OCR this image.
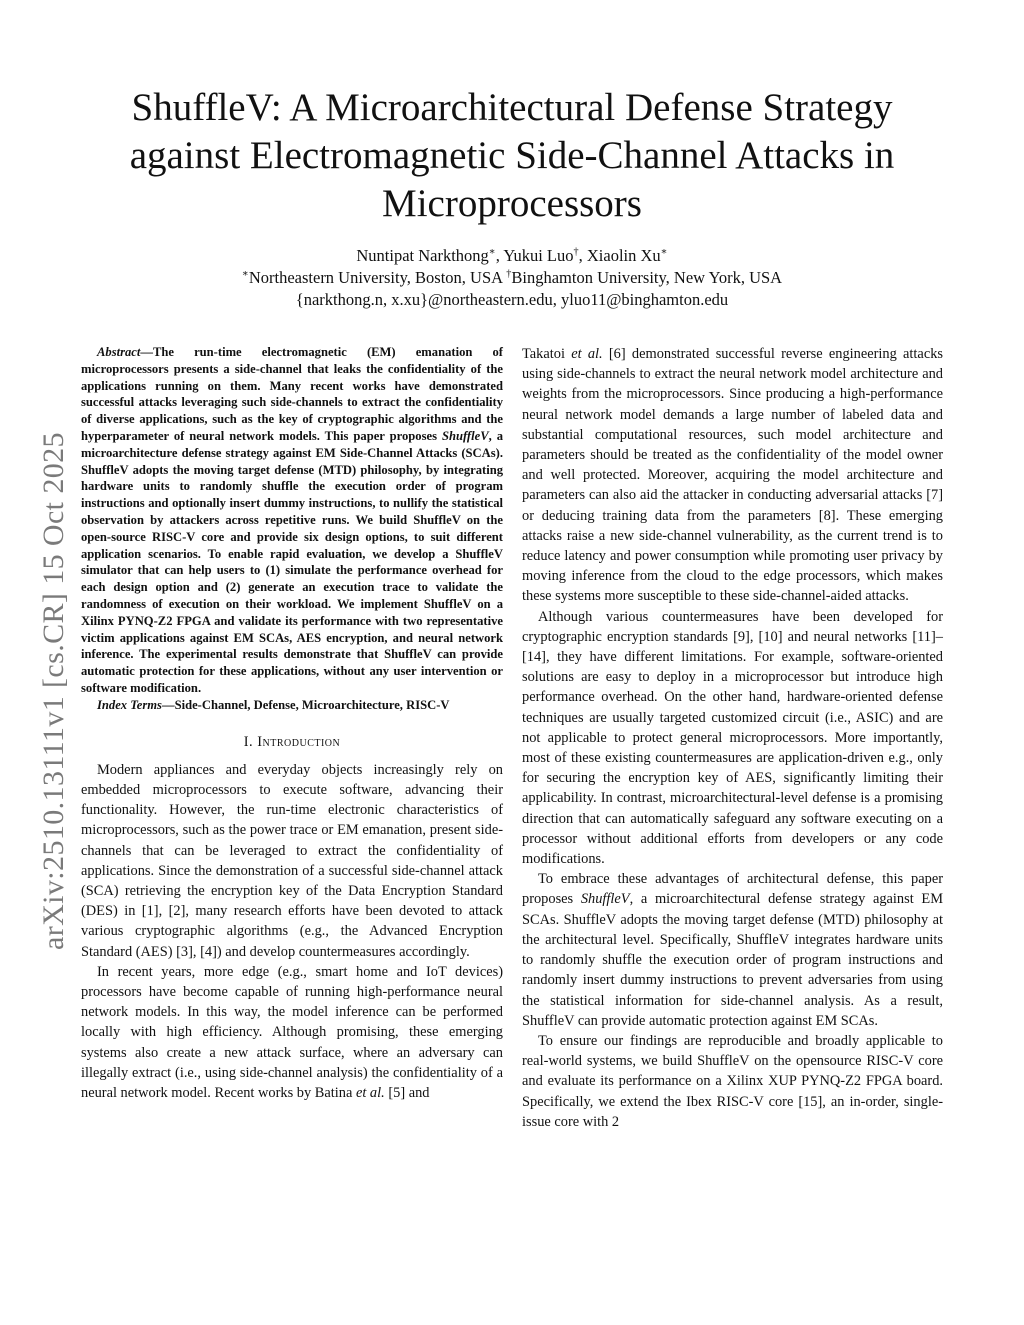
arXiv:2510.13111v1 [cs.CR] 15 Oct 2025
ShuffleV: A Microarchitectural Defense Strategy against Electromagnetic Side-Channel Attacks in Microprocessors
Nuntipat Narkthong∗, Yukui Luo†, Xiaolin Xu∗
∗Northeastern University, Boston, USA †Binghamton University, New York, USA
{narkthong.n, x.xu}@northeastern.edu, yluo11@binghamton.edu

Abstract—The run-time electromagnetic (EM) emanation of microprocessors presents a side-channel that leaks the confidentiality of the applications running on them. Many recent works have demonstrated successful attacks leveraging such side-channels to extract the confidentiality of diverse applications, such as the key of cryptographic algorithms and the hyperparameter of neural network models. This paper proposes ShuffleV, a microarchitecture defense strategy against EM Side-Channel Attacks (SCAs). ShuffleV adopts the moving target defense (MTD) philosophy, by integrating hardware units to randomly shuffle the execution order of program instructions and optionally insert dummy instructions, to nullify the statistical observation by attackers across repetitive runs. We build ShuffleV on the open-source RISC-V core and provide six design options, to suit different application scenarios. To enable rapid evaluation, we develop a ShuffleV simulator that can help users to (1) simulate the performance overhead for each design option and (2) generate an execution trace to validate the randomness of execution on their workload. We implement ShuffleV on a Xilinx PYNQ-Z2 FPGA and validate its performance with two representative victim applications against EM SCAs, AES encryption, and neural network inference. The experimental results demonstrate that ShuffleV can provide automatic protection for these applications, without any user intervention or software modification.

Index Terms—Side-Channel, Defense, Microarchitecture, RISC-V

I. Introduction

Modern appliances and everyday objects increasingly rely on embedded microprocessors to execute software, advancing their functionality. However, the run-time electronic characteristics of microprocessors, such as the power trace or EM emanation, present side-channels that can be leveraged to extract the confidentiality of applications. Since the demonstration of a successful side-channel attack (SCA) retrieving the encryption key of the Data Encryption Standard (DES) in [1], [2], many research efforts have been devoted to attack various cryptographic algorithms (e.g., the Advanced Encryption Standard (AES) [3], [4]) and develop countermeasures accordingly.

In recent years, more edge (e.g., smart home and IoT devices) processors have become capable of running high-performance neural network models. In this way, the model inference can be performed locally with high efficiency. Although promising, these emerging systems also create a new attack surface, where an adversary can illegally extract (i.e., using side-channel analysis) the confidentiality of a neural network model. Recent works by Batina et al. [5] and

Takatoi et al. [6] demonstrated successful reverse engineering attacks using side-channels to extract the neural network model architecture and weights from the microprocessors. Since producing a high-performance neural network model demands a large number of labeled data and substantial computational resources, such model architecture and parameters should be treated as the confidentiality of the model owner and well protected. Moreover, acquiring the model architecture and parameters can also aid the attacker in conducting adversarial attacks [7] or deducing training data from the parameters [8]. These emerging attacks raise a new side-channel vulnerability, as the current trend is to reduce latency and power consumption while promoting user privacy by moving inference from the cloud to the edge processors, which makes these systems more susceptible to these side-channel-aided attacks.

Although various countermeasures have been developed for cryptographic encryption standards [9], [10] and neural networks [11]–[14], they have different limitations. For example, software-oriented solutions are easy to deploy in a microprocessor but introduce high performance overhead. On the other hand, hardware-oriented defense techniques are usually targeted customized circuit (i.e., ASIC) and are not applicable to protect general microprocessors. More importantly, most of these existing countermeasures are application-driven e.g., only for securing the encryption key of AES, significantly limiting their applicability. In contrast, microarchitectural-level defense is a promising direction that can automatically safeguard any software executing on a processor without additional efforts from developers or any code modifications.

To embrace these advantages of architectural defense, this paper proposes ShuffleV, a microarchitectural defense strategy against EM SCAs. ShuffleV adopts the moving target defense (MTD) philosophy at the architectural level. Specifically, ShuffleV integrates hardware units to randomly shuffle the execution order of program instructions and randomly insert dummy instructions to prevent adversaries from using the statistical information for side-channel analysis. As a result, ShuffleV can provide automatic protection against EM SCAs.

To ensure our findings are reproducible and broadly applicable to real-world systems, we build ShuffleV on the opensource RISC-V core and evaluate its performance on a Xilinx XUP PYNQ-Z2 FPGA board. Specifically, we extend the Ibex RISC-V core [15], an in-order, single-issue core with 2
